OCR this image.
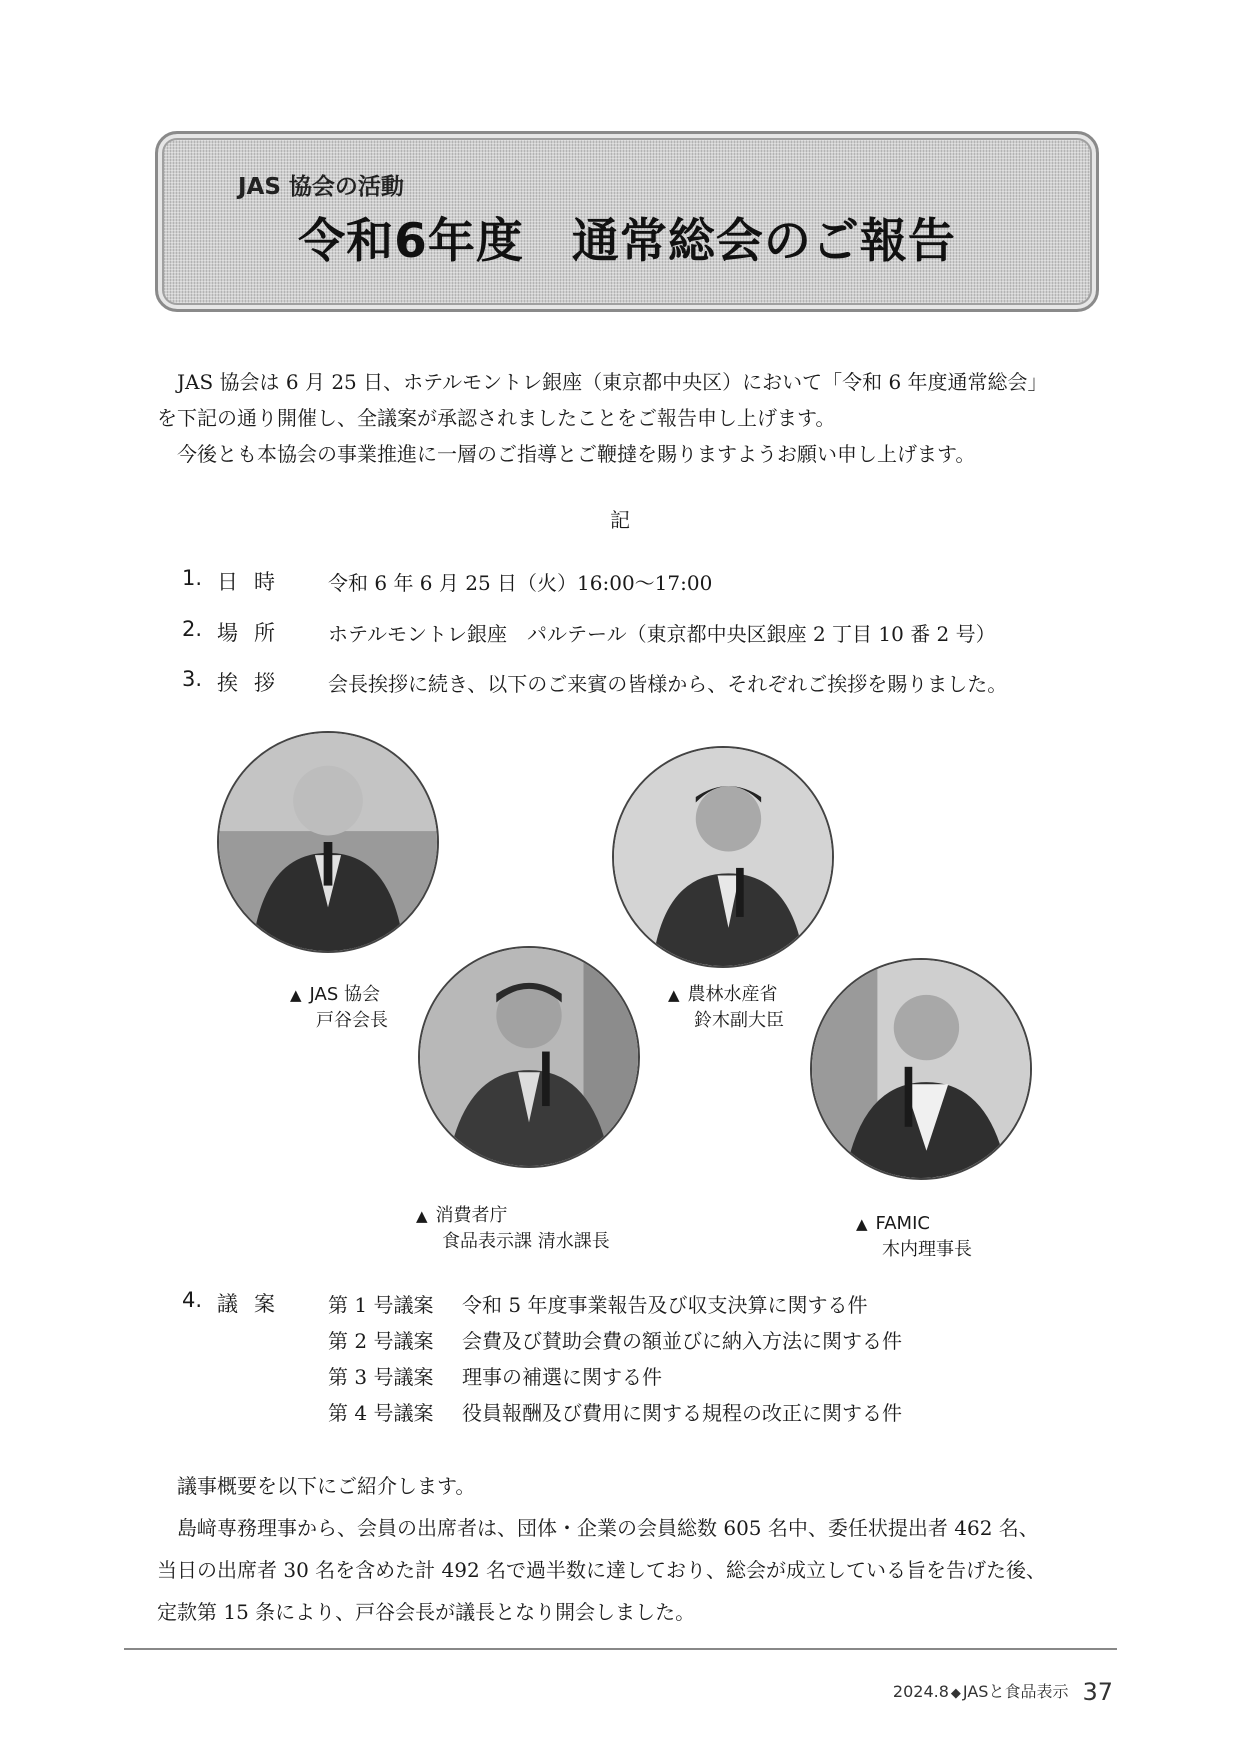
JAS 協会の活動
令和6年度　通常総会のご報告
JAS 協会は 6 月 25 日、ホテルモントレ銀座（東京都中央区）において「令和 6 年度通常総会」
を下記の通り開催し、全議案が承認されましたことをご報告申し上げます。
今後とも本協会の事業推進に一層のご指導とご鞭撻を賜りますようお願い申し上げます。
記
1. 日時 令和 6 年 6 月 25 日（火）16:00〜17:00
2. 場所 ホテルモントレ銀座　パルテール（東京都中央区銀座 2 丁目 10 番 2 号）
3. 挨拶 会長挨拶に続き、以下のご来賓の皆様から、それぞれご挨拶を賜りました。
▲ JAS 協会
戸谷会長
▲ 農林水産省
鈴木副大臣
▲ 消費者庁
食品表示課 清水課長
▲ FAMIC
木内理事長
4. 議案 第 1 号議案 令和 5 年度事業報告及び収支決算に関する件
第 2 号議案 会費及び賛助会費の額並びに納入方法に関する件
第 3 号議案 理事の補選に関する件
第 4 号議案 役員報酬及び費用に関する規程の改正に関する件
議事概要を以下にご紹介します。
島﨑専務理事から、会員の出席者は、団体・企業の会員総数 605 名中、委任状提出者 462 名、
当日の出席者 30 名を含めた計 492 名で過半数に達しており、総会が成立している旨を告げた後、
定款第 15 条により、戸谷会長が議長となり開会しました。
2024.8 ◆ JASと食品表示 37
